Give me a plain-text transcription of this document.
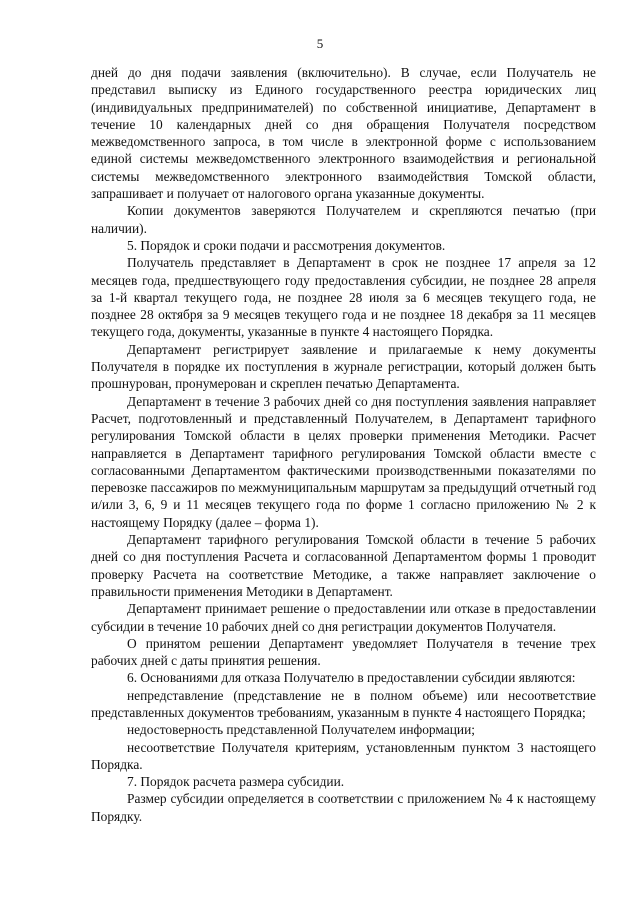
5

дней до дня подачи заявления (включительно). В случае, если Получатель не представил выписку из Единого государственного реестра юридических лиц (индивидуальных предпринимателей) по собственной инициативе, Департамент в течение 10 календарных дней со дня обращения Получателя посредством межведомственного запроса, в том числе в электронной форме с использованием единой системы межведомственного электронного взаимодействия и региональной системы межведомственного электронного взаимодействия Томской области, запрашивает и получает от налогового органа указанные документы.

Копии документов заверяются Получателем и скрепляются печатью (при наличии).

5. Порядок и сроки подачи и рассмотрения документов.

Получатель представляет в Департамент в срок не позднее 17 апреля за 12 месяцев года, предшествующего году предоставления субсидии, не позднее 28 апреля за 1-й квартал текущего года, не позднее 28 июля за 6 месяцев текущего года, не позднее 28 октября за 9 месяцев текущего года и не позднее 18 декабря за 11 месяцев текущего года, документы, указанные в пункте 4 настоящего Порядка.

Департамент регистрирует заявление и прилагаемые к нему документы Получателя в порядке их поступления в журнале регистрации, который должен быть прошнурован, пронумерован и скреплен печатью Департамента.

Департамент в течение 3 рабочих дней со дня поступления заявления направляет Расчет, подготовленный и представленный Получателем, в Департамент тарифного регулирования Томской области в целях проверки применения Методики. Расчет направляется в Департамент тарифного регулирования Томской области вместе с согласованными Департаментом фактическими производственными показателями по перевозке пассажиров по межмуниципальным маршрутам за предыдущий отчетный год и/или 3, 6, 9 и 11 месяцев текущего года по форме 1 согласно приложению № 2 к настоящему Порядку (далее – форма 1).

Департамент тарифного регулирования Томской области в течение 5 рабочих дней со дня поступления Расчета и согласованной Департаментом формы 1 проводит проверку Расчета на соответствие Методике, а также направляет заключение о правильности применения Методики в Департамент.

Департамент принимает решение о предоставлении или отказе в предоставлении субсидии в течение 10 рабочих дней со дня регистрации документов Получателя.

О принятом решении Департамент уведомляет Получателя в течение трех рабочих дней с даты принятия решения.

6. Основаниями для отказа Получателю в предоставлении субсидии являются:

непредставление (представление не в полном объеме) или несоответствие представленных документов требованиям, указанным в пункте 4 настоящего Порядка;

недостоверность представленной Получателем информации;

несоответствие Получателя критериям, установленным пунктом 3 настоящего Порядка.

7. Порядок расчета размера субсидии.

Размер субсидии определяется в соответствии с приложением № 4 к настоящему Порядку.
